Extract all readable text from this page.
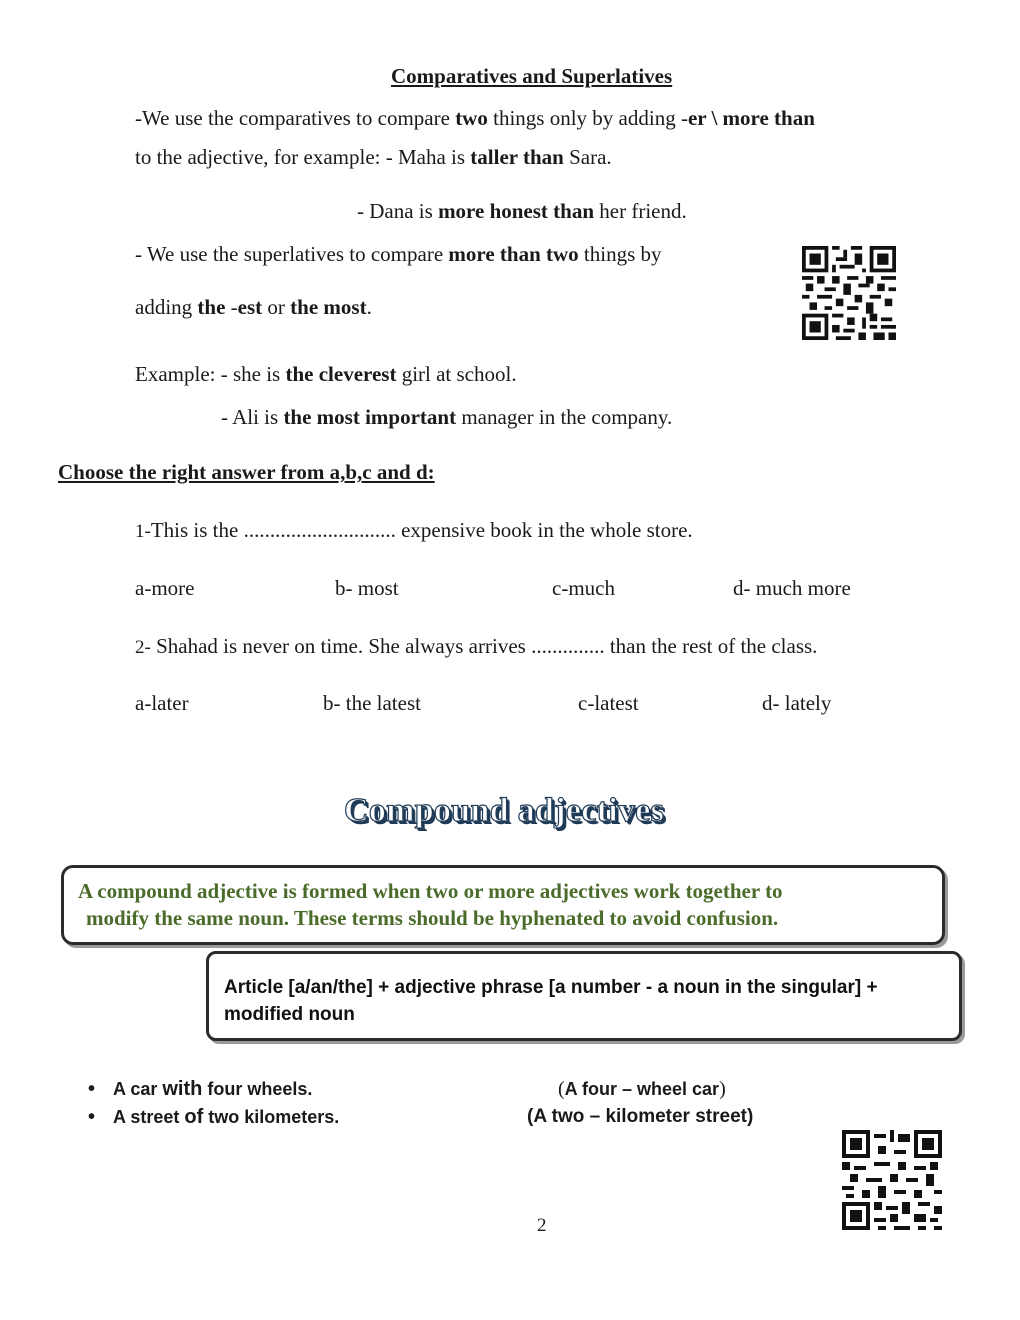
Comparatives and Superlatives
-We use the comparatives to compare two things only by adding -er \ more than
to the adjective, for example: - Maha is taller than Sara.
- Dana is more honest than her friend.
- We use the superlatives to compare more than two things by
adding the -est or the most.
Example: - she is the cleverest girl at school.
- Ali is the most important manager in the company.
Choose the right answer from a,b,c and d:
1-This is the ............................. expensive book in the whole store.
a-more	b- most	c-much	d- much more
2- Shahad is never on time. She always arrives .............. than the rest of the class.
a-later	b- the latest	c-latest	d- lately
Compound adjectives
A compound adjective is formed when two or more adjectives work together to
modify the same noun. These terms should be hyphenated to avoid confusion.
Article [a/an/the] + adjective phrase [a number - a noun in the singular] +
modified noun
• A car with four wheels.	(A four – wheel car)
• A street of two kilometers.	(A two – kilometer street)
2
